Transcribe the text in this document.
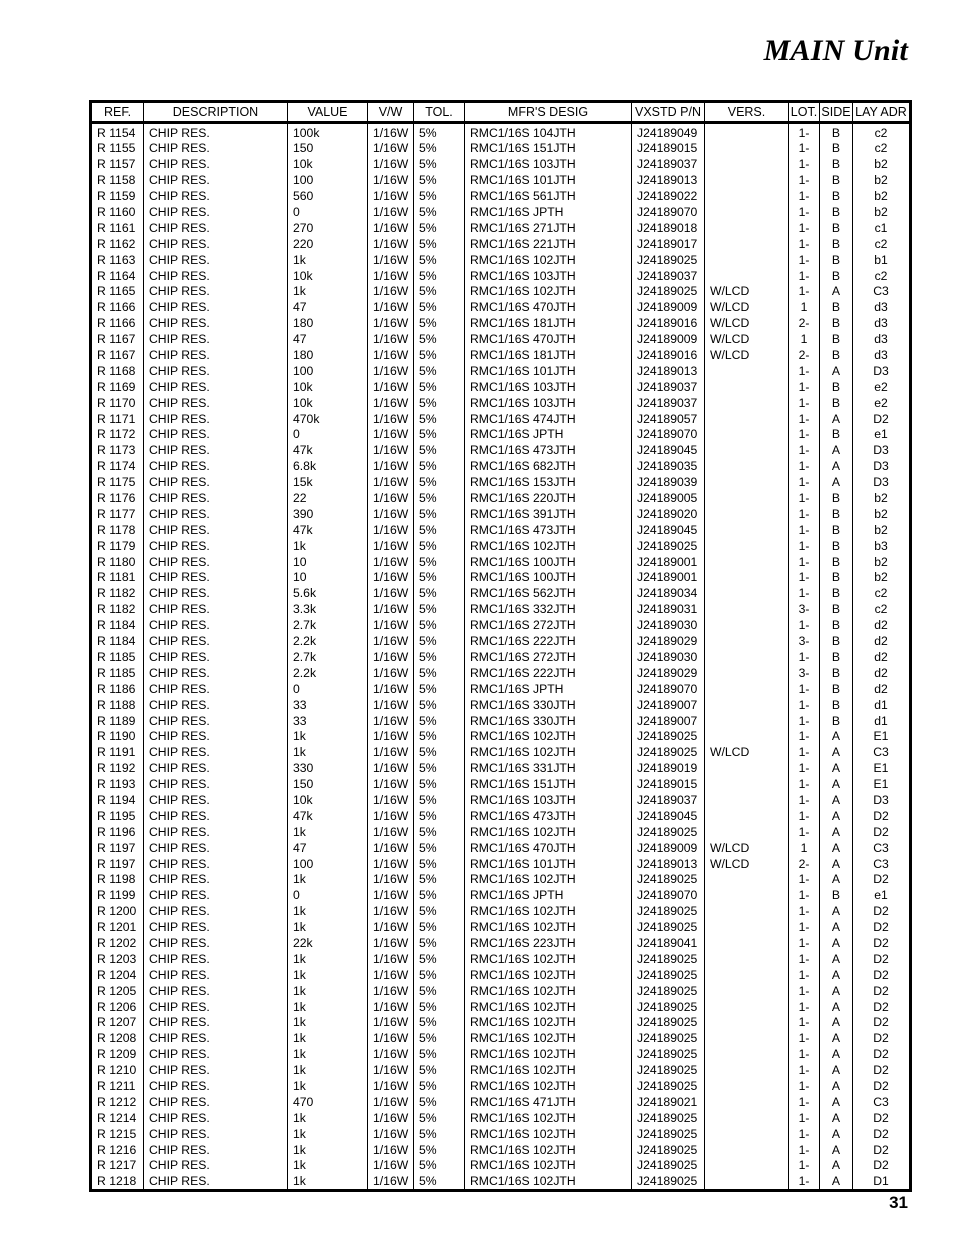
MAIN Unit
REF.	DESCRIPTION	VALUE	V/W	TOL.	MFR'S DESIG	VXSTD P/N	VERS.	LOT.	SIDE	LAY ADR
R 1154	CHIP RES.	100k	1/16W	5%	RMC1/16S 104JTH	J24189049		1-	B	c2
R 1155	CHIP RES.	150	1/16W	5%	RMC1/16S 151JTH	J24189015		1-	B	c2
R 1157	CHIP RES.	10k	1/16W	5%	RMC1/16S 103JTH	J24189037		1-	B	b2
R 1158	CHIP RES.	100	1/16W	5%	RMC1/16S 101JTH	J24189013		1-	B	b2
R 1159	CHIP RES.	560	1/16W	5%	RMC1/16S 561JTH	J24189022		1-	B	b2
R 1160	CHIP RES.	0	1/16W	5%	RMC1/16S JPTH	J24189070		1-	B	b2
R 1161	CHIP RES.	270	1/16W	5%	RMC1/16S 271JTH	J24189018		1-	B	c1
R 1162	CHIP RES.	220	1/16W	5%	RMC1/16S 221JTH	J24189017		1-	B	c2
R 1163	CHIP RES.	1k	1/16W	5%	RMC1/16S 102JTH	J24189025		1-	B	b1
R 1164	CHIP RES.	10k	1/16W	5%	RMC1/16S 103JTH	J24189037		1-	B	c2
R 1165	CHIP RES.	1k	1/16W	5%	RMC1/16S 102JTH	J24189025	W/LCD	1-	A	C3
R 1166	CHIP RES.	47	1/16W	5%	RMC1/16S 470JTH	J24189009	W/LCD	1	B	d3
R 1166	CHIP RES.	180	1/16W	5%	RMC1/16S 181JTH	J24189016	W/LCD	2-	B	d3
R 1167	CHIP RES.	47	1/16W	5%	RMC1/16S 470JTH	J24189009	W/LCD	1	B	d3
R 1167	CHIP RES.	180	1/16W	5%	RMC1/16S 181JTH	J24189016	W/LCD	2-	B	d3
R 1168	CHIP RES.	100	1/16W	5%	RMC1/16S 101JTH	J24189013		1-	A	D3
R 1169	CHIP RES.	10k	1/16W	5%	RMC1/16S 103JTH	J24189037		1-	B	e2
R 1170	CHIP RES.	10k	1/16W	5%	RMC1/16S 103JTH	J24189037		1-	B	e2
R 1171	CHIP RES.	470k	1/16W	5%	RMC1/16S 474JTH	J24189057		1-	A	D2
R 1172	CHIP RES.	0	1/16W	5%	RMC1/16S JPTH	J24189070		1-	B	e1
R 1173	CHIP RES.	47k	1/16W	5%	RMC1/16S 473JTH	J24189045		1-	A	D3
R 1174	CHIP RES.	6.8k	1/16W	5%	RMC1/16S 682JTH	J24189035		1-	A	D3
R 1175	CHIP RES.	15k	1/16W	5%	RMC1/16S 153JTH	J24189039		1-	A	D3
R 1176	CHIP RES.	22	1/16W	5%	RMC1/16S 220JTH	J24189005		1-	B	b2
R 1177	CHIP RES.	390	1/16W	5%	RMC1/16S 391JTH	J24189020		1-	B	b2
R 1178	CHIP RES.	47k	1/16W	5%	RMC1/16S 473JTH	J24189045		1-	B	b2
R 1179	CHIP RES.	1k	1/16W	5%	RMC1/16S 102JTH	J24189025		1-	B	b3
R 1180	CHIP RES.	10	1/16W	5%	RMC1/16S 100JTH	J24189001		1-	B	b2
R 1181	CHIP RES.	10	1/16W	5%	RMC1/16S 100JTH	J24189001		1-	B	b2
R 1182	CHIP RES.	5.6k	1/16W	5%	RMC1/16S 562JTH	J24189034		1-	B	c2
R 1182	CHIP RES.	3.3k	1/16W	5%	RMC1/16S 332JTH	J24189031		3-	B	c2
R 1184	CHIP RES.	2.7k	1/16W	5%	RMC1/16S 272JTH	J24189030		1-	B	d2
R 1184	CHIP RES.	2.2k	1/16W	5%	RMC1/16S 222JTH	J24189029		3-	B	d2
R 1185	CHIP RES.	2.7k	1/16W	5%	RMC1/16S 272JTH	J24189030		1-	B	d2
R 1185	CHIP RES.	2.2k	1/16W	5%	RMC1/16S 222JTH	J24189029		3-	B	d2
R 1186	CHIP RES.	0	1/16W	5%	RMC1/16S JPTH	J24189070		1-	B	d2
R 1188	CHIP RES.	33	1/16W	5%	RMC1/16S 330JTH	J24189007		1-	B	d1
R 1189	CHIP RES.	33	1/16W	5%	RMC1/16S 330JTH	J24189007		1-	B	d1
R 1190	CHIP RES.	1k	1/16W	5%	RMC1/16S 102JTH	J24189025		1-	A	E1
R 1191	CHIP RES.	1k	1/16W	5%	RMC1/16S 102JTH	J24189025	W/LCD	1-	A	C3
R 1192	CHIP RES.	330	1/16W	5%	RMC1/16S 331JTH	J24189019		1-	A	E1
R 1193	CHIP RES.	150	1/16W	5%	RMC1/16S 151JTH	J24189015		1-	A	E1
R 1194	CHIP RES.	10k	1/16W	5%	RMC1/16S 103JTH	J24189037		1-	A	D3
R 1195	CHIP RES.	47k	1/16W	5%	RMC1/16S 473JTH	J24189045		1-	A	D2
R 1196	CHIP RES.	1k	1/16W	5%	RMC1/16S 102JTH	J24189025		1-	A	D2
R 1197	CHIP RES.	47	1/16W	5%	RMC1/16S 470JTH	J24189009	W/LCD	1	A	C3
R 1197	CHIP RES.	100	1/16W	5%	RMC1/16S 101JTH	J24189013	W/LCD	2-	A	C3
R 1198	CHIP RES.	1k	1/16W	5%	RMC1/16S 102JTH	J24189025		1-	A	D2
R 1199	CHIP RES.	0	1/16W	5%	RMC1/16S JPTH	J24189070		1-	B	e1
R 1200	CHIP RES.	1k	1/16W	5%	RMC1/16S 102JTH	J24189025		1-	A	D2
R 1201	CHIP RES.	1k	1/16W	5%	RMC1/16S 102JTH	J24189025		1-	A	D2
R 1202	CHIP RES.	22k	1/16W	5%	RMC1/16S 223JTH	J24189041		1-	A	D2
R 1203	CHIP RES.	1k	1/16W	5%	RMC1/16S 102JTH	J24189025		1-	A	D2
R 1204	CHIP RES.	1k	1/16W	5%	RMC1/16S 102JTH	J24189025		1-	A	D2
R 1205	CHIP RES.	1k	1/16W	5%	RMC1/16S 102JTH	J24189025		1-	A	D2
R 1206	CHIP RES.	1k	1/16W	5%	RMC1/16S 102JTH	J24189025		1-	A	D2
R 1207	CHIP RES.	1k	1/16W	5%	RMC1/16S 102JTH	J24189025		1-	A	D2
R 1208	CHIP RES.	1k	1/16W	5%	RMC1/16S 102JTH	J24189025		1-	A	D2
R 1209	CHIP RES.	1k	1/16W	5%	RMC1/16S 102JTH	J24189025		1-	A	D2
R 1210	CHIP RES.	1k	1/16W	5%	RMC1/16S 102JTH	J24189025		1-	A	D2
R 1211	CHIP RES.	1k	1/16W	5%	RMC1/16S 102JTH	J24189025		1-	A	D2
R 1212	CHIP RES.	470	1/16W	5%	RMC1/16S 471JTH	J24189021		1-	A	C3
R 1214	CHIP RES.	1k	1/16W	5%	RMC1/16S 102JTH	J24189025		1-	A	D2
R 1215	CHIP RES.	1k	1/16W	5%	RMC1/16S 102JTH	J24189025		1-	A	D2
R 1216	CHIP RES.	1k	1/16W	5%	RMC1/16S 102JTH	J24189025		1-	A	D2
R 1217	CHIP RES.	1k	1/16W	5%	RMC1/16S 102JTH	J24189025		1-	A	D2
R 1218	CHIP RES.	1k	1/16W	5%	RMC1/16S 102JTH	J24189025		1-	A	D1
31
